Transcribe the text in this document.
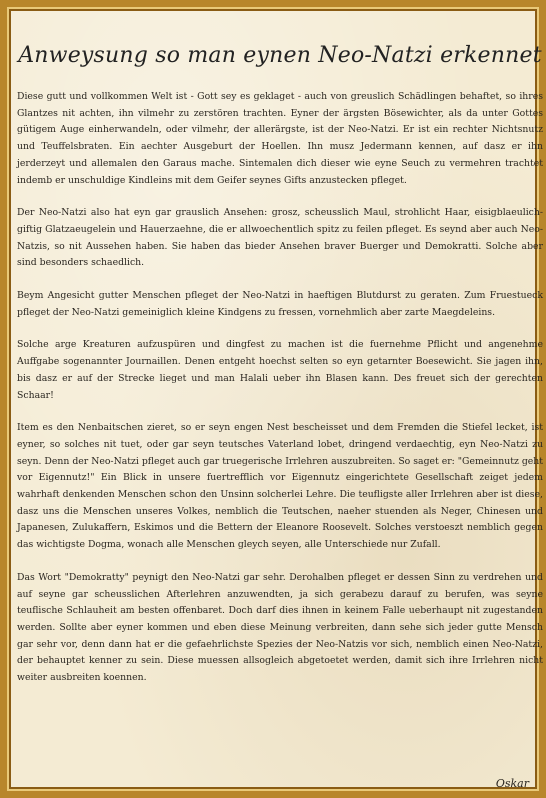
Anweysung so man eynen Neo-Natzi erkennet

Diese gutt und vollkommen Welt ist - Gott sey es geklaget - auch von greuslich Schädlingen behaftet, so ihres Glantzes nit achten, ihn vilmehr zu zerstören trachten. Eyner der ärgsten Bösewichter, als da unter Gottes gütigem Auge einherwandeln, oder vilmehr, der allerärgste, ist der Neo-Natzi. Er ist ein rechter Nichtsnutz und Teuffelsbraten. Ein aechter Ausgeburt der Hoellen. Ihn musz Jedermann kennen, auf dasz er ihn jerderzeyt und allemalen den Garaus mache. Sintemalen dich dieser wie eyne Seuch zu vermehren trachtet indemb er unschuldige Kindleins mit dem Geifer seynes Gifts anzustecken pfleget.

Der Neo-Natzi also hat eyn gar grauslich Ansehen: grosz, scheusslich Maul, strohlicht Haar, eisigblaeulich-giftig Glatzaeugelein und Hauerzaehne, die er allwoechentlich spitz zu feilen pfleget. Es seynd aber auch Neo-Natzis, so nit Aussehen haben. Sie haben das bieder Ansehen braver Buerger und Demokratti. Solche aber sind besonders schaedlich.

Beym Angesicht gutter Menschen pfleget der Neo-Natzi in haeftigen Blutdurst zu geraten. Zum Fruestueck pfleget der Neo-Natzi gemeiniglich kleine Kindgens zu fressen, vornehmlich aber zarte Maegdeleins.

Solche arge Kreaturen aufzuspüren und dingfest zu machen ist die fuernehme Pflicht und angenehme Auffgabe sogenannter Journaillen. Denen entgeht hoechst selten so eyn getarnter Boesewicht. Sie jagen ihn, bis dasz er auf der Strecke lieget und man Halali ueber ihn Blasen kann. Des freuet sich der gerechten Schaar!

Item es den Nenbaitschen zieret, so er seyn engen Nest bescheisset und dem Fremden die Stiefel lecket, ist eyner, so solches nit tuet, oder gar seyn teutsches Vaterland lobet, dringend verdaechtig, eyn Neo-Natzi zu seyn. Denn der Neo-Natzi pfleget auch gar truegerische Irrlehren auszubreiten. So saget er: "Gemeinnutz geht vor Eigennutz!" Ein Blick in unsere fuertrefflich vor Eigennutz eingerichtete Gesellschaft zeiget jedem wahrhaft denkenden Menschen schon den Unsinn solcherlei Lehre. Die teufligste aller Irrlehren aber ist diese, dasz uns die Menschen unseres Volkes, nemblich die Teutschen, naeher stuenden als Neger, Chinesen und Japanesen, Zulukaffern, Eskimos und die Bettern der Eleanore Roosevelt. Solches verstoeszt nemblich gegen das wichtigste Dogma, wonach alle Menschen gleych seyen, alle Unterschiede nur Zufall.

Das Wort "Demokratty" peynigt den Neo-Natzi gar sehr. Derohalben pfleget er dessen Sinn zu verdrehen und auf seyne gar scheusslichen Afterlehren anzuwendten, ja sich gerabezu darauf zu berufen, was seyne teuflische Schlauheit am besten offenbaret. Doch darf dies ihnen in keinem Falle ueberhaupt nit zugestanden werden. Sollte aber eyner kommen und eben diese Meinung verbreiten, dann sehe sich jeder gutte Mensch gar sehr vor, denn dann hat er die gefaehrlichste Spezies der Neo-Natzis vor sich, nemblich einen Neo-Natzi, der behauptet kenner zu sein. Diese muessen allsogleich abgetoetet werden, damit sich ihre Irrlehren nicht weiter ausbreiten koennen.

Oskar
